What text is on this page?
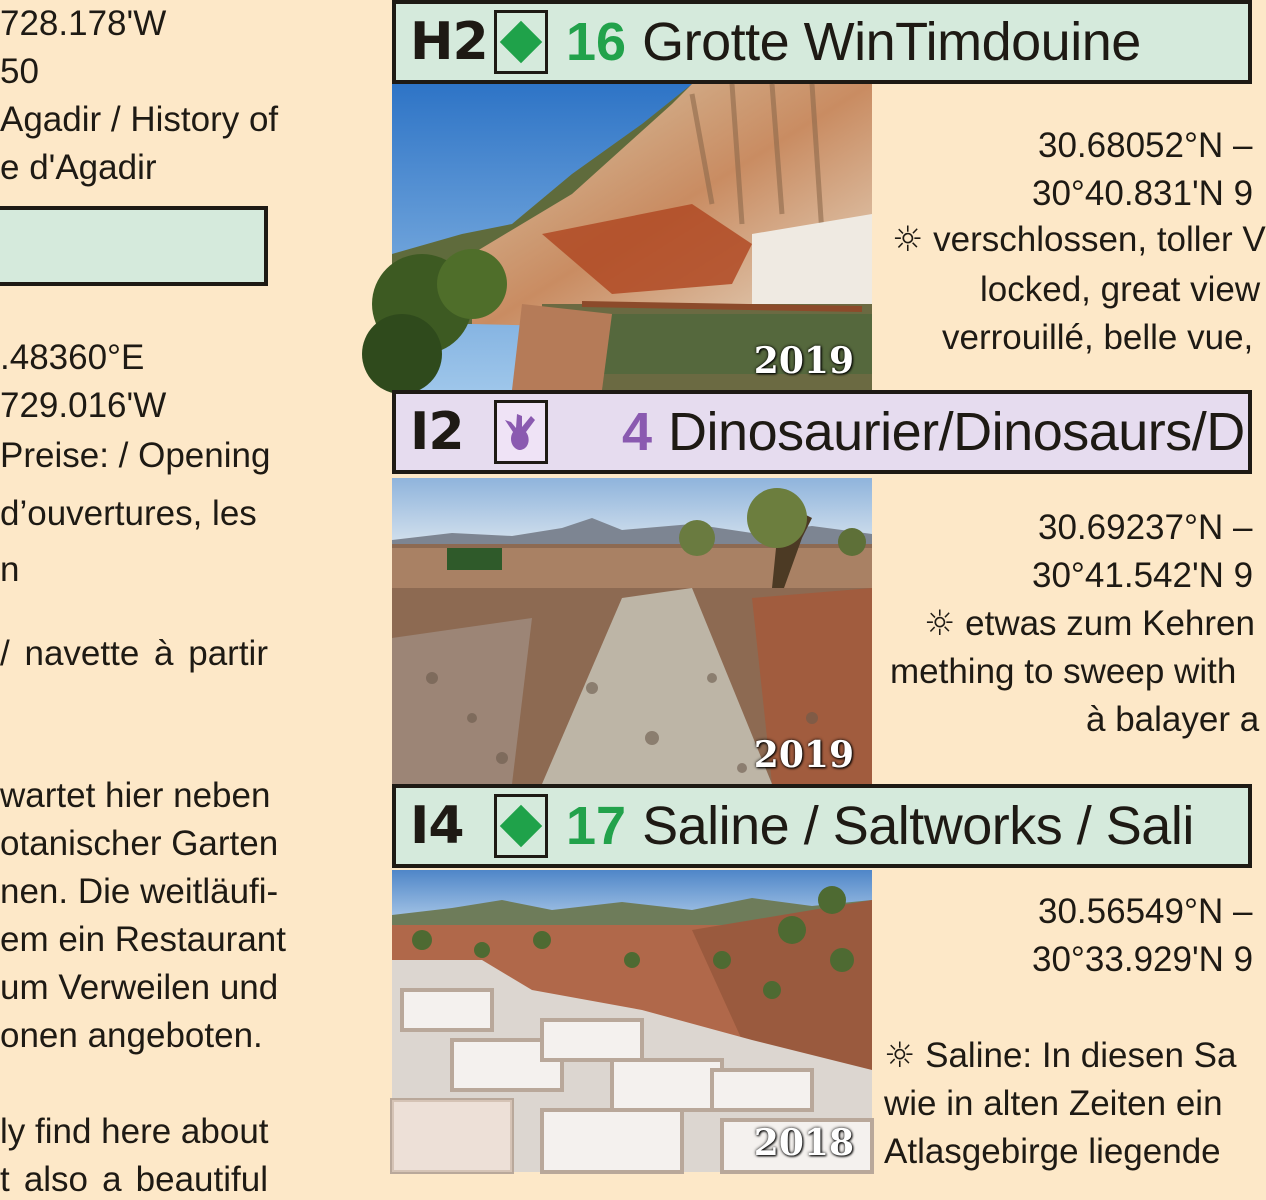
728.178'W
50
Agadir / History of
e d'Agadir
.48360°E
729.016'W
Preise: / Opening
d’ouvertures, les
n
/ navette à partir
wartet hier neben
otanischer Garten
nen. Die weitläufi-
em ein Restaurant
um Verweilen und
onen angeboten.
ly find here about
t also a beautiful
H2 16 Grotte WinTimdouine
2019
30.68052°N –
30°40.831'N 9
☼ verschlossen, toller V
locked, great view
verrouillé, belle vue,
I2	4 Dinosaurier/Dinosaurs/D
2019
30.69237°N –
30°41.542'N 9
☼ etwas zum Kehren
mething to sweep with
à balayer a
I4	17 Saline / Saltworks / Sali
2018
30.56549°N –
30°33.929'N 9
☼ Saline: In diesen Sa
wie in alten Zeiten ein
Atlasgebirge liegende
